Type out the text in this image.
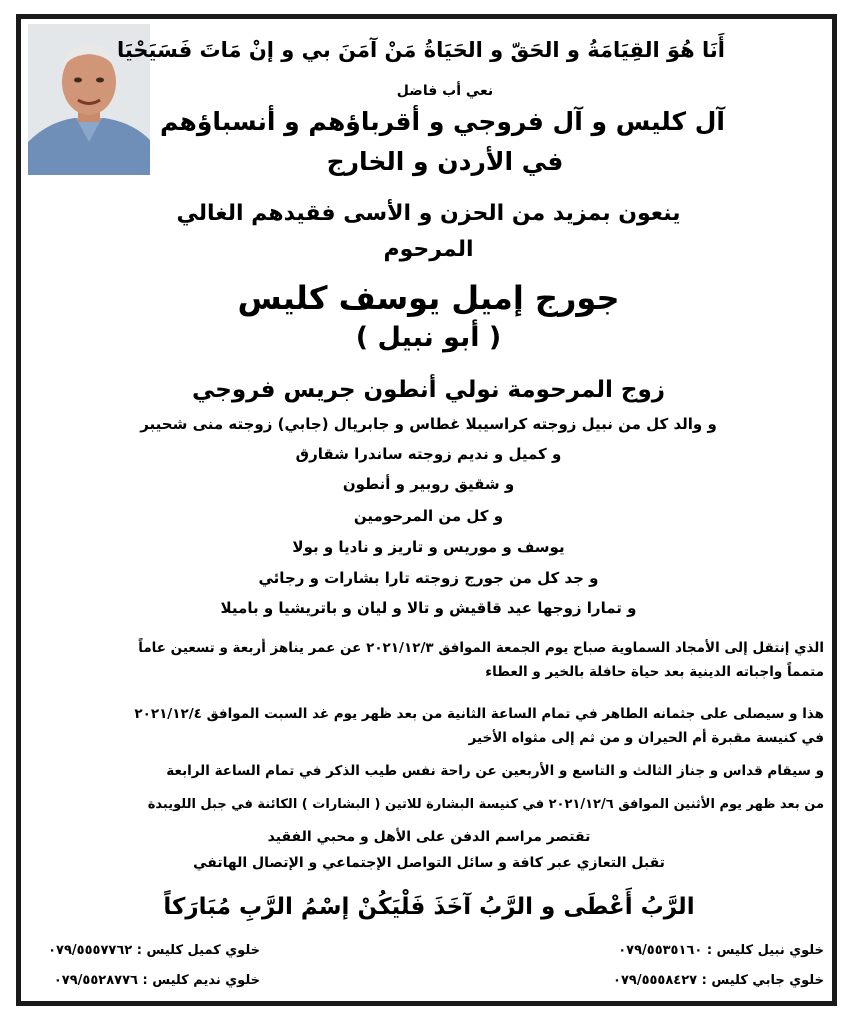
أَنَا هُوَ القِيَامَةُ و الحَقّ و الحَيَاةُ مَنْ آمَنَ بي و إنْ مَاتَ فَسَيَحْيَا
نعي أب فاضل
آل كليس و آل فروجي و أقرباؤهم و أنسباؤهم
في الأردن و الخارج
ينعون بمزيد من الحزن و الأسى فقيدهم الغالي
المرحوم
جورج إميل يوسف كليس
( أبو نبيل )
زوج المرحومة نولي أنطون جريس فروجي
و والد كل من نبيل زوجته كراسيبلا غطاس و جابريال (جابي) زوجته منى شحيبر
و كميل و نديم زوجته ساندرا شقارق
و شقيق روبير و أنطون
و كل من المرحومين
يوسف و موريس و تاريز و ناديا و بولا
و جد كل من جورج زوجته تارا بشارات و رجائي
و تمارا زوجها عيد قاقيش و تالا و ليان و باتريشيا و باميلا
الذي إنتقل إلى الأمجاد السماوية صباح يوم الجمعة الموافق ٢٠٢١/١٢/٣ عن عمر يناهز أربعة و تسعين عاماً
متمماً واجباته الدينية بعد حياة حافلة بالخير و العطاء
هذا و سيصلى على جثمانه الطاهر في تمام الساعة الثانية من بعد ظهر يوم غد السبت الموافق ٢٠٢١/١٢/٤
في كنيسة مقبرة أم الحيران و من ثم إلى مثواه الأخير
و سيقام قداس و جناز الثالث و التاسع و الأربعين عن راحة نفس طيب الذكر في تمام الساعة الرابعة
من بعد ظهر يوم الأثنين الموافق ٢٠٢١/١٢/٦ في كنيسة البشارة للاتين ( البشارات ) الكائنة في جبل اللويبدة
تقتصر مراسم الدفن على الأهل و محبي الفقيد
تقبل التعازي عبر كافة و سائل التواصل الإجتماعي و الإتصال الهاتفي
الرَّبُ أَعْطَى و الرَّبُ آخَذَ فَلْيَكُنْ إسْمُ الرَّبِ مُبَارَكاً
خلوي نبيل كليس : ٠٧٩/٥٥٣٥١٦٠
خلوي جابي كليس : ٠٧٩/٥٥٥٨٤٢٧
خلوي كميل كليس : ٠٧٩/٥٥٥٧٧٦٢
خلوي نديم كليس : ٠٧٩/٥٥٢٨٧٧٦
